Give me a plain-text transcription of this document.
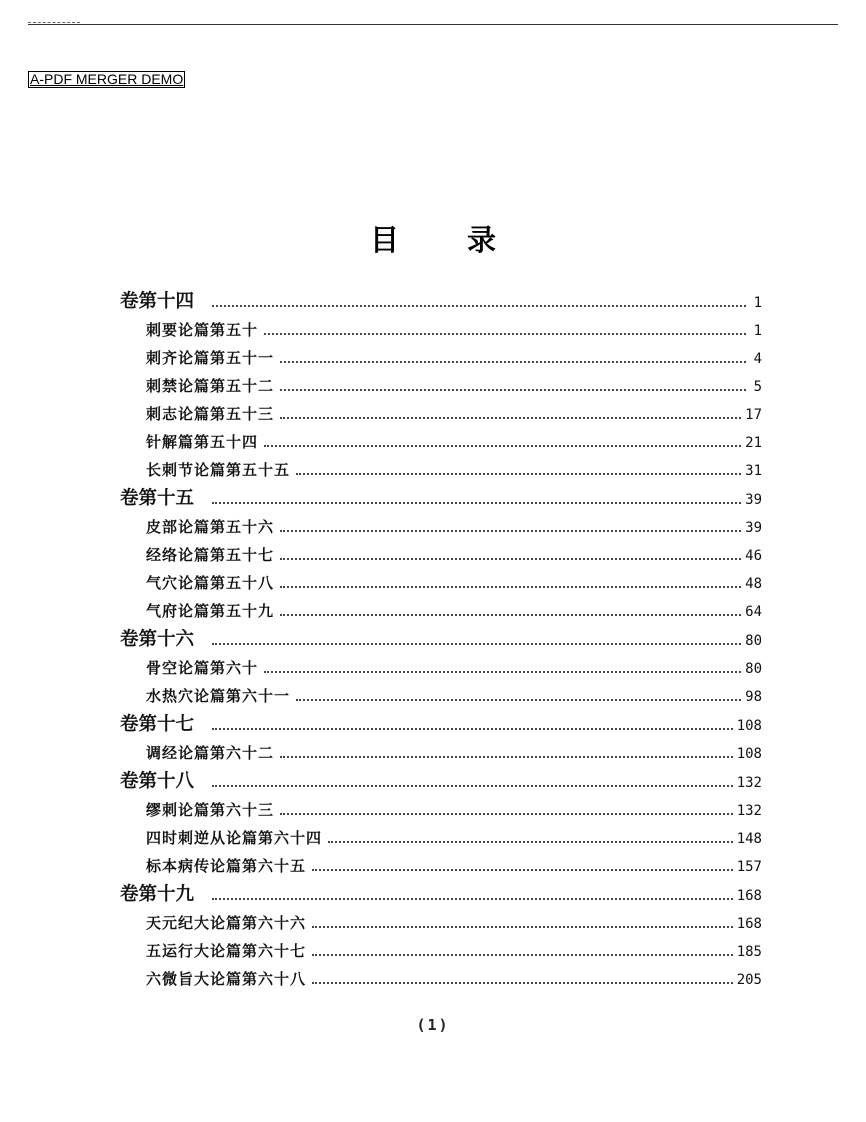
A-PDF MERGER DEMO
目录
卷第十四	1
刺要论篇第五十	1
刺齐论篇第五十一	4
刺禁论篇第五十二	5
刺志论篇第五十三	17
针解篇第五十四	21
长刺节论篇第五十五	31
卷第十五	39
皮部论篇第五十六	39
经络论篇第五十七	46
气穴论篇第五十八	48
气府论篇第五十九	64
卷第十六	80
骨空论篇第六十	80
水热穴论篇第六十一	98
卷第十七	108
调经论篇第六十二	108
卷第十八	132
缪刺论篇第六十三	132
四时刺逆从论篇第六十四	148
标本病传论篇第六十五	157
卷第十九	168
天元纪大论篇第六十六	168
五运行大论篇第六十七	185
六微旨大论篇第六十八	205
(1)
